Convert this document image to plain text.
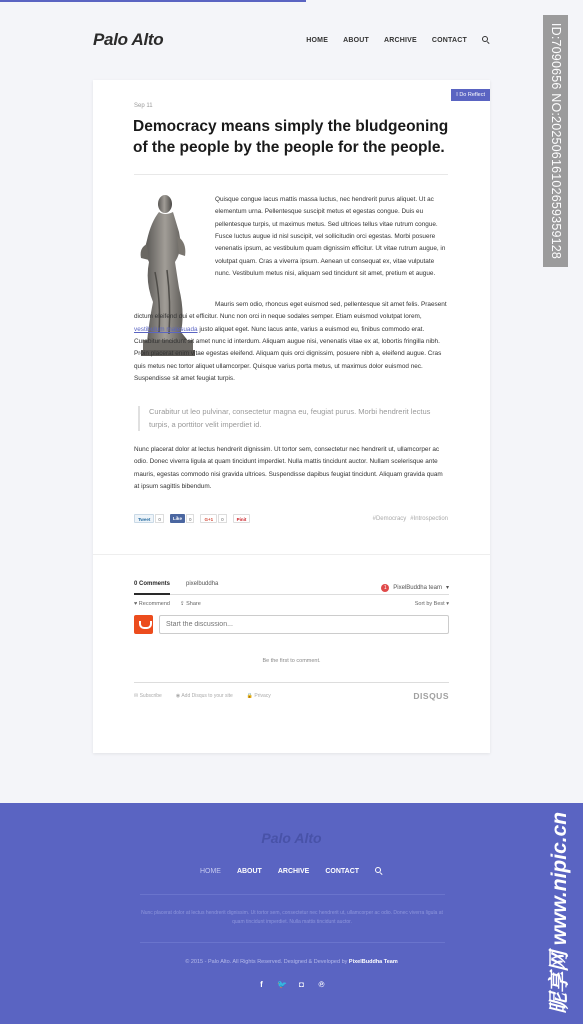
Palo Alto	HOME ABOUT ARCHIVE CONTACT
I Do Reflect
Sep 11
Democracy means simply the bludgeoning of the people by the people for the people.

Quisque congue lacus mattis massa luctus, nec hendrerit purus aliquet. Ut ac elementum urna. Pellentesque suscipit metus et egestas congue. Duis eu pellentesque turpis, ut maximus metus. Sed ultrices tellus vitae rutrum congue. Fusce luctus augue id nisl suscipit, vel sollicitudin orci egestas. Morbi posuere venenatis ipsum, ac vestibulum quam dignissim efficitur. Ut vitae rutrum augue, in volutpat quam. Cras a viverra ipsum. Aenean ut consequat ex, vitae vulputate nunc. Vestibulum metus nisi, aliquam sed tincidunt sit amet, pretium et augue.

Mauris sem odio, rhoncus eget euismod sed, pellentesque sit amet felis. Praesent dictum eleifend dui et efficitur. Nunc non orci in neque sodales semper. Etiam euismod volutpat lorem, vestibulum malesuada justo aliquet eget. Nunc lacus ante, varius a euismod eu, finibus commodo erat. Curabitur tincidunt sit amet nunc id interdum. Aliquam augue nisi, venenatis vitae ex at, lobortis fringilla nibh. Proin placerat enim vitae egestas eleifend. Aliquam quis orci dignissim, posuere nibh a, eleifend augue. Cras quis metus nec tortor aliquet ullamcorper. Quisque varius porta metus, ut maximus dolor euismod nec. Suspendisse sit amet feugiat turpis.

Curabitur ut leo pulvinar, consectetur magna eu, feugiat purus. Morbi hendrerit lectus turpis, a porttitor velit imperdiet id.

Nunc placerat dolor at lectus hendrerit dignissim. Ut tortor sem, consectetur nec hendrerit ut, ullamcorper ac odio. Donec viverra ligula at quam tincidunt imperdiet. Nulla mattis tincidunt auctor. Nullam scelerisque ante mauris, egestas commodo nisi gravida ultrices. Suspendisse dapibus feugiat tincidunt. Aliquam gravida quam at ipsum sagittis bibendum.

Tweet	0	Like	0	G+1	0	Pinit	#Democracy #Introspection
0 Comments	pixelbuddha
1	PixelBuddha team ▾
♥ Recommend ⇪ Share	Sort by Best ▾
Start the discussion...
Be the first to comment.
✉ Subscribe	◉ Add Disqus to your site	🔒 Privacy	DISQUS
Palo Alto
HOME ABOUT ARCHIVE CONTACT

Nunc placerat dolor at lectus hendrerit dignissim. Ut tortor sem, consectetur nec hendrerit ut, ullamcorper ac odio. Donec viverra ligula at quam tincidunt imperdiet. Nulla mattis tincidunt auctor.

© 2015 - Palo Alto. All Rights Reserved. Designed & Developed by PixelBuddha Team

f	🐦 ◘ ℗
ID:7090656 NO:20250616102659359128
昵享网 www.nipic.cn
